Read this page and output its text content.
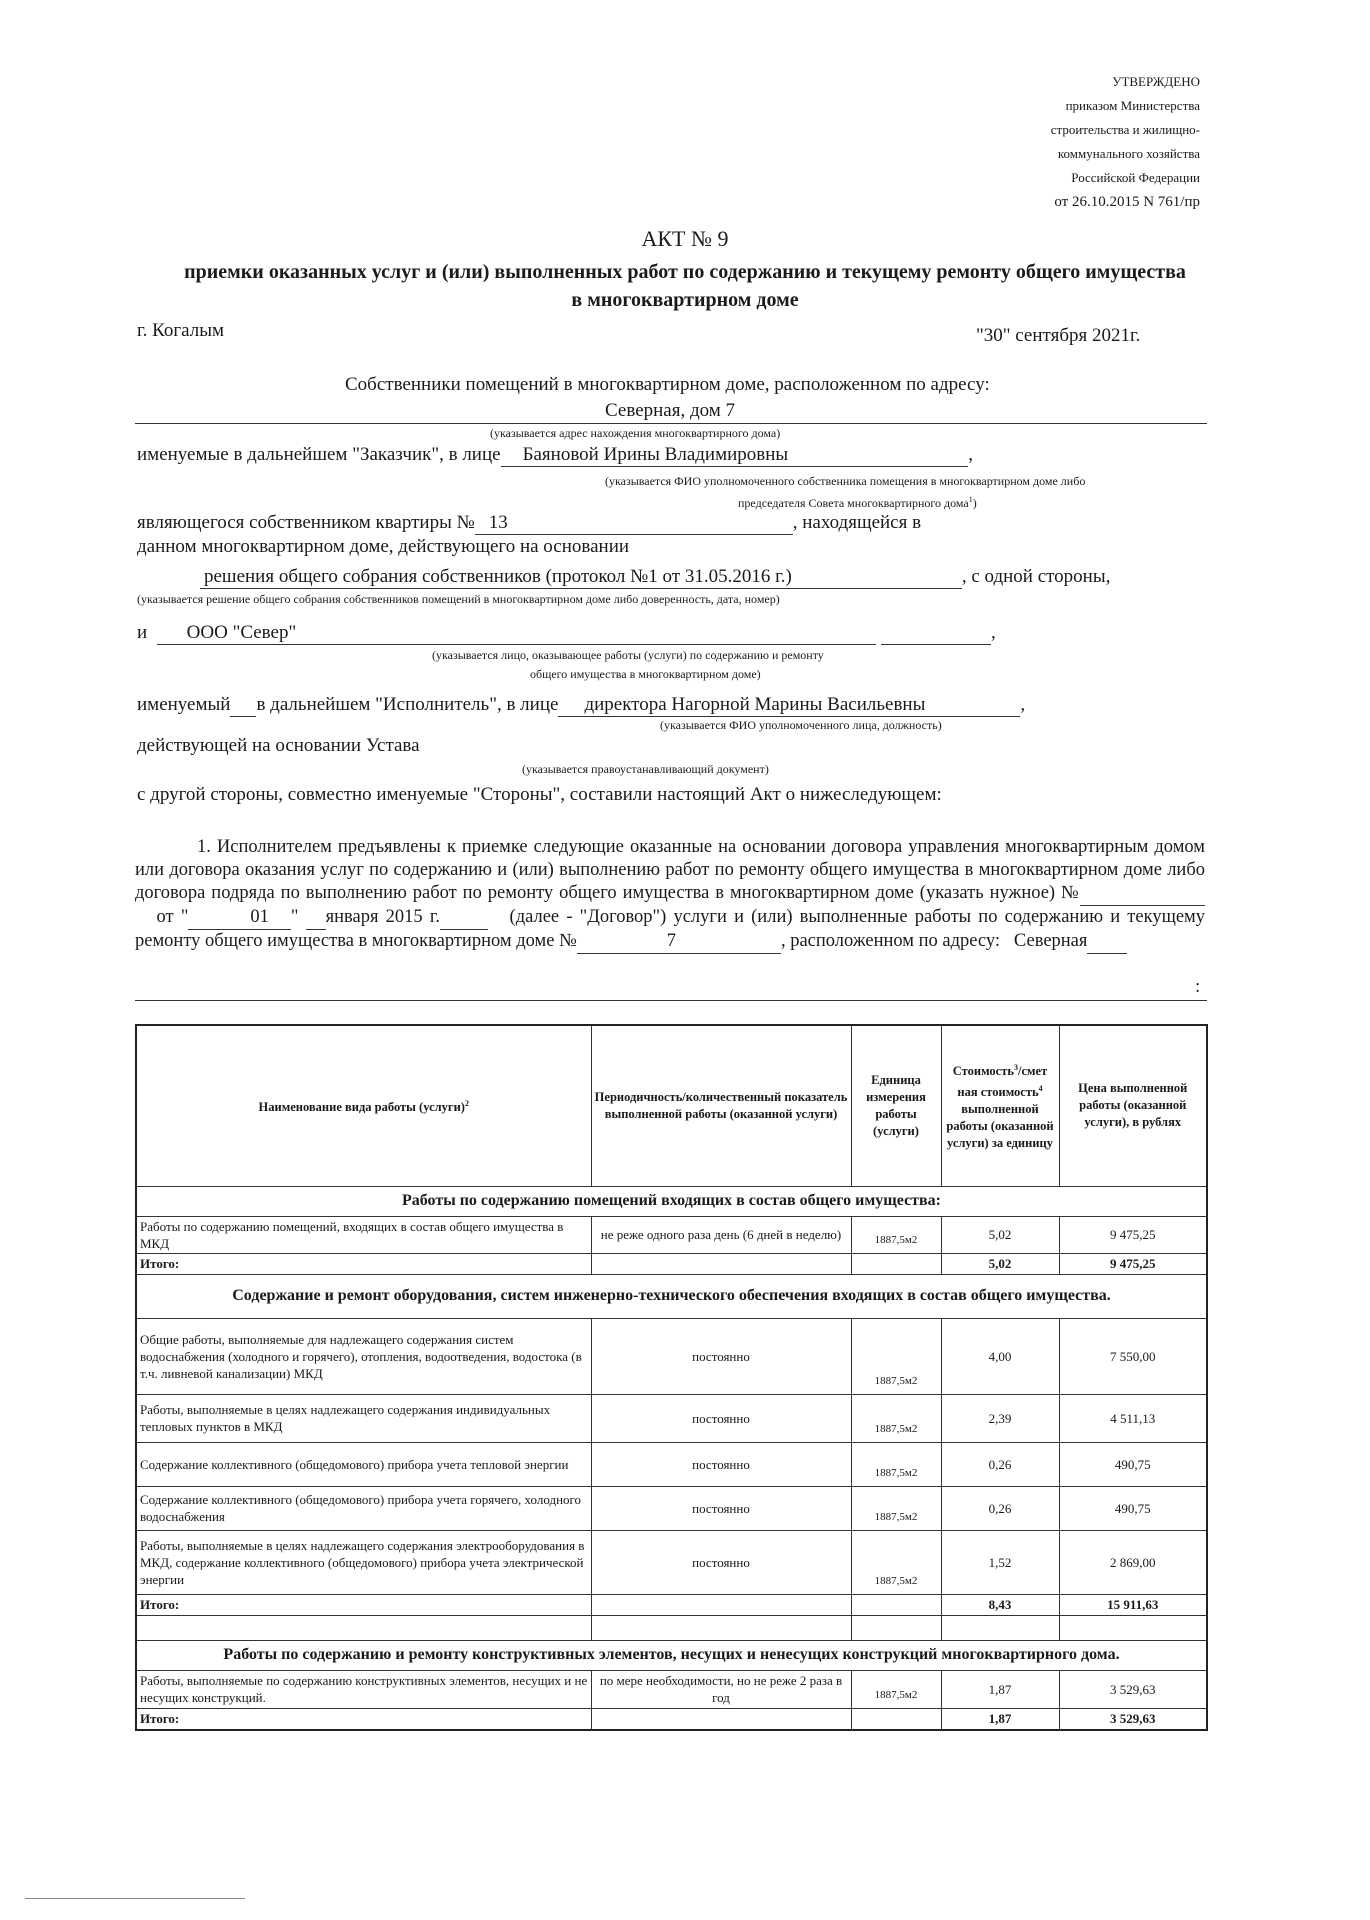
УТВЕРЖДЕНО
приказом Министерства
строительства и жилищно-
коммунального хозяйства
Российской Федерации
от 26.10.2015 N 761/пр
АКТ № 9
приемки оказанных услуг и (или) выполненных работ по содержанию и текущему ремонту общего имущества
в многоквартирном доме
г. Когалым	"30" сентября 2021г.
Собственники помещений в многоквартирном доме, расположенном по адресу:
Северная, дом 7
(указывается адрес нахождения многоквартирного дома)
именуемые в дальнейшем "Заказчик", в лице Баяновой Ирины Владимировны	,
(указывается ФИО уполномоченного собственника помещения в многоквартирном доме либо
председателя Совета многоквартирного дома$^1$)
являющегося собственником квартиры № 13	, находящейся в
данном многоквартирном доме, действующего на основании
решения общего собрания собственников (протокол №1 от 31.05.2016 г.)	, с одной стороны,
(указывается решение общего собрания собственников помещений в многоквартирном доме либо доверенность, дата, номер)
и ООО "Север"	,
(указывается лицо, оказывающее работы (услуги) по содержанию и ремонту
общего имущества в многоквартирном доме)
именуемый в дальнейшем "Исполнитель", в лице директора Нагорной Марины Васильевны	,
(указывается ФИО уполномоченного лица, должность)
действующей на основании Устава
(указывается правоустанавливающий документ)
с другой стороны, совместно именуемые "Стороны", составили настоящий Акт о нижеследующем:
1. Исполнителем предъявлены к приемке следующие оказанные на основании договора управления многоквартирным домом или договора оказания услуг по содержанию и (или) выполнению работ по ремонту общего имущества в многоквартирном доме либо договора подряда по выполнению работ по ремонту общего имущества в многоквартирном доме (указать нужное) №    от "	01 " января 2015 г.	(далее - "Договор") услуги и (или) выполненные работы по содержанию и текущему ремонту общего имущества в многоквартирном доме №	7	, расположенном по адресу: Северная
:
Наименование вида работы (услуги)$^2$	Периодичность/количественный показатель выполненной работы (оказанной услуги)	Единица измерения работы (услуги)	Стоимость$^3$/смет ная стоимость$^4$ выполненной работы (оказанной услуги) за единицу	Цена выполненной работы (оказанной услуги), в рублях
Работы по содержанию помещений входящих в состав общего имущества:				
Работы по содержанию помещений, входящих в состав общего имущества в МКД	не реже одного раза день (6 дней в неделю)	1887,5м2	5,02	9 475,25
Итого:			5,02	9 475,25
Содержание и ремонт оборудования, систем инженерно-технического обеспечения входящих в состав общего имущества.				
Общие работы, выполняемые для надлежащего содержания систем водоснабжения (холодного и горячего), отопления, водоотведения, водостока (в т.ч. ливневой канализации) МКД	постоянно	1887,5м2	4,00	7 550,00
Работы, выполняемые в целях надлежащего содержания индивидуальных тепловых пунктов в МКД	постоянно	1887,5м2	2,39	4 511,13
Содержание коллективного (общедомового) прибора учета тепловой энергии	постоянно	1887,5м2	0,26	490,75
Содержание коллективного (общедомового) прибора учета горячего, холодного водоснабжения	постоянно	1887,5м2	0,26	490,75
Работы, выполняемые в целях надлежащего содержания электрооборудования в МКД, содержание коллективного (общедомового) прибора учета электрической энергии	постоянно	1887,5м2	1,52	2 869,00
Итого:			8,43	15 911,63

Работы по содержанию и ремонту конструктивных элементов, несущих и ненесущих конструкций многоквартирного дома.				
Работы, выполняемые по содержанию конструктивных элементов, несущих и не несущих конструкций.	по мере необходимости, но не реже 2 раза в год	1887,5м2	1,87	3 529,63
Итого:			1,87	3 529,63
